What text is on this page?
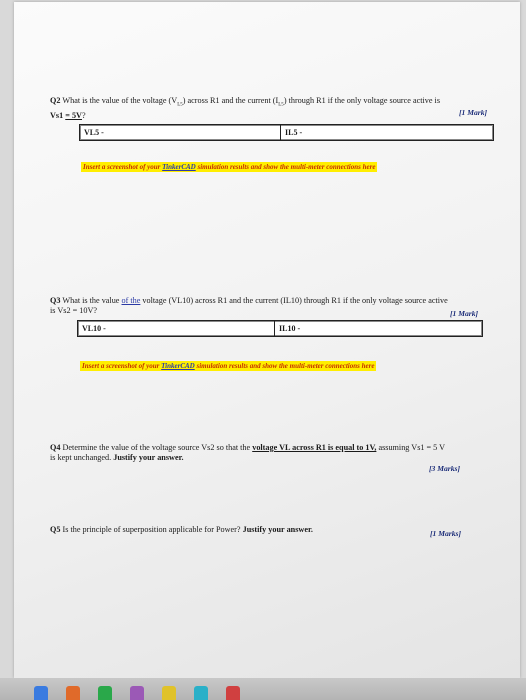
Q2 What is the value of the voltage $(V_{L5})$ across R1 and the current $(I_{L5})$ through R1 if the only voltage source active is
Vs1 = 5V?	[1 Mark]
VL5 -	IL5 -
Insert a screenshot of your TinkerCAD simulation results and show the multi-meter connections here
Q3 What is the value of the voltage (VL10) across R1 and the current (IL10) through R1 if the only voltage source active
is Vs2 = 10V?	[1 Mark]
VL10 -	IL10 -
Insert a screenshot of your TinkerCAD simulation results and show the multi-meter connections here
Q4 Determine the value of the voltage source Vs2 so that the voltage VL across R1 is equal to 1V, assuming Vs1 = 5 V
is kept unchanged. Justify your answer.
[3 Marks]
Q5 Is the principle of superposition applicable for Power? Justify your answer.	[1 Marks]
